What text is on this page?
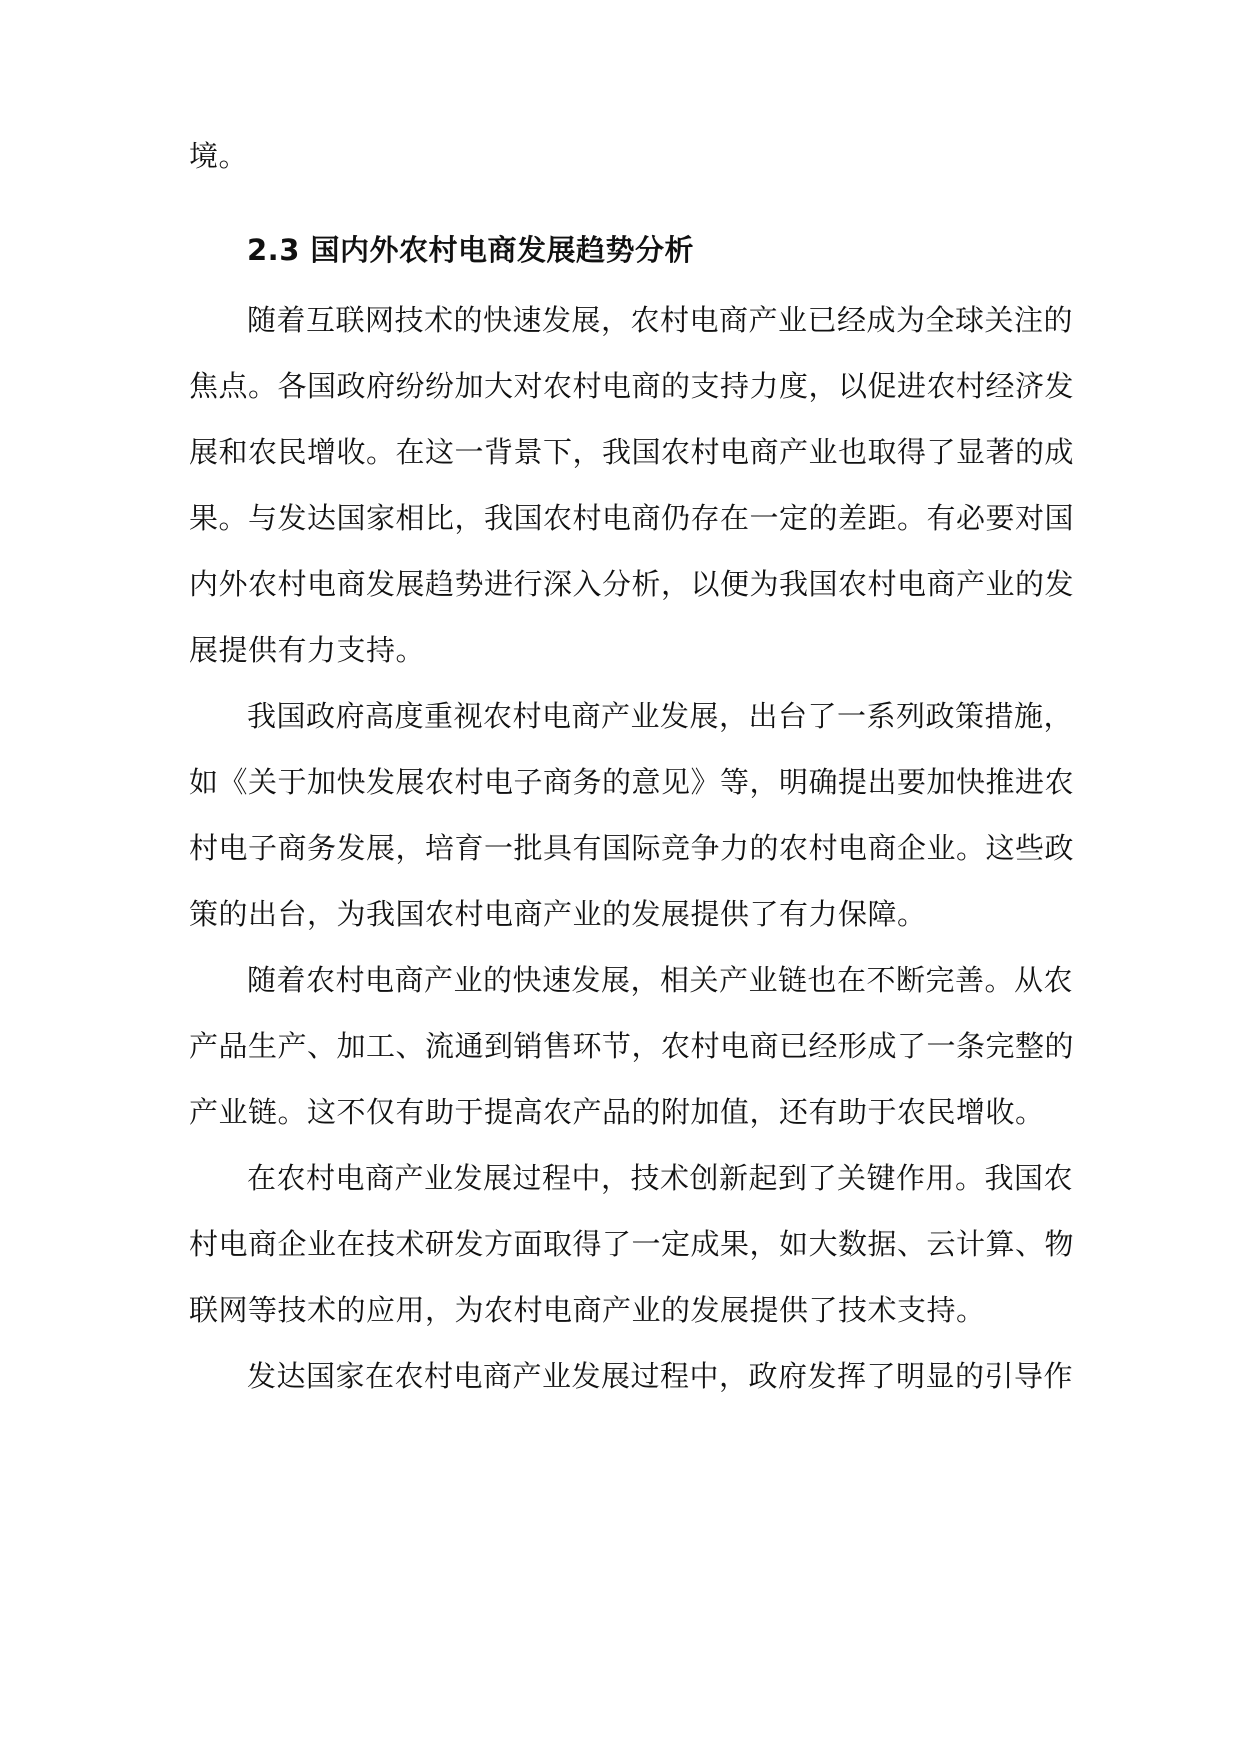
境。
2.3 国内外农村电商发展趋势分析
随着互联网技术的快速发展，农村电商产业已经成为全球关注的
焦点。各国政府纷纷加大对农村电商的支持力度，以促进农村经济发
展和农民增收。在这一背景下，我国农村电商产业也取得了显著的成
果。与发达国家相比，我国农村电商仍存在一定的差距。有必要对国
内外农村电商发展趋势进行深入分析，以便为我国农村电商产业的发
展提供有力支持。
我国政府高度重视农村电商产业发展，出台了一系列政策措施，
如《关于加快发展农村电子商务的意见》等，明确提出要加快推进农
村电子商务发展，培育一批具有国际竞争力的农村电商企业。这些政
策的出台，为我国农村电商产业的发展提供了有力保障。
随着农村电商产业的快速发展，相关产业链也在不断完善。从农
产品生产、加工、流通到销售环节，农村电商已经形成了一条完整的
产业链。这不仅有助于提高农产品的附加值，还有助于农民增收。
在农村电商产业发展过程中，技术创新起到了关键作用。我国农
村电商企业在技术研发方面取得了一定成果，如大数据、云计算、物
联网等技术的应用，为农村电商产业的发展提供了技术支持。
发达国家在农村电商产业发展过程中，政府发挥了明显的引导作
